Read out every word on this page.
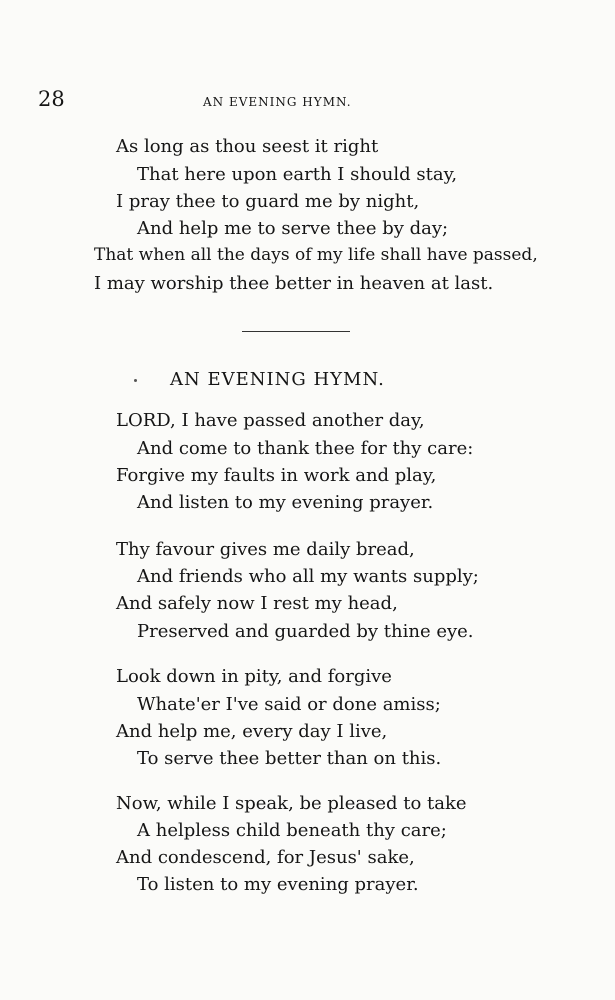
28	AN EVENING HYMN.
As long as thou seest it right
That here upon earth I should stay,
I pray thee to guard me by night,
And help me to serve thee by day;
That when all the days of my life shall have passed,
I may worship thee better in heaven at last.
AN EVENING HYMN.
LORD, I have passed another day,
And come to thank thee for thy care:
Forgive my faults in work and play,
And listen to my evening prayer.
Thy favour gives me daily bread,
And friends who all my wants supply;
And safely now I rest my head,
Preserved and guarded by thine eye.
Look down in pity, and forgive
Whate'er I've said or done amiss;
And help me, every day I live,
To serve thee better than on this.
Now, while I speak, be pleased to take
A helpless child beneath thy care;
And condescend, for Jesus' sake,
To listen to my evening prayer.
